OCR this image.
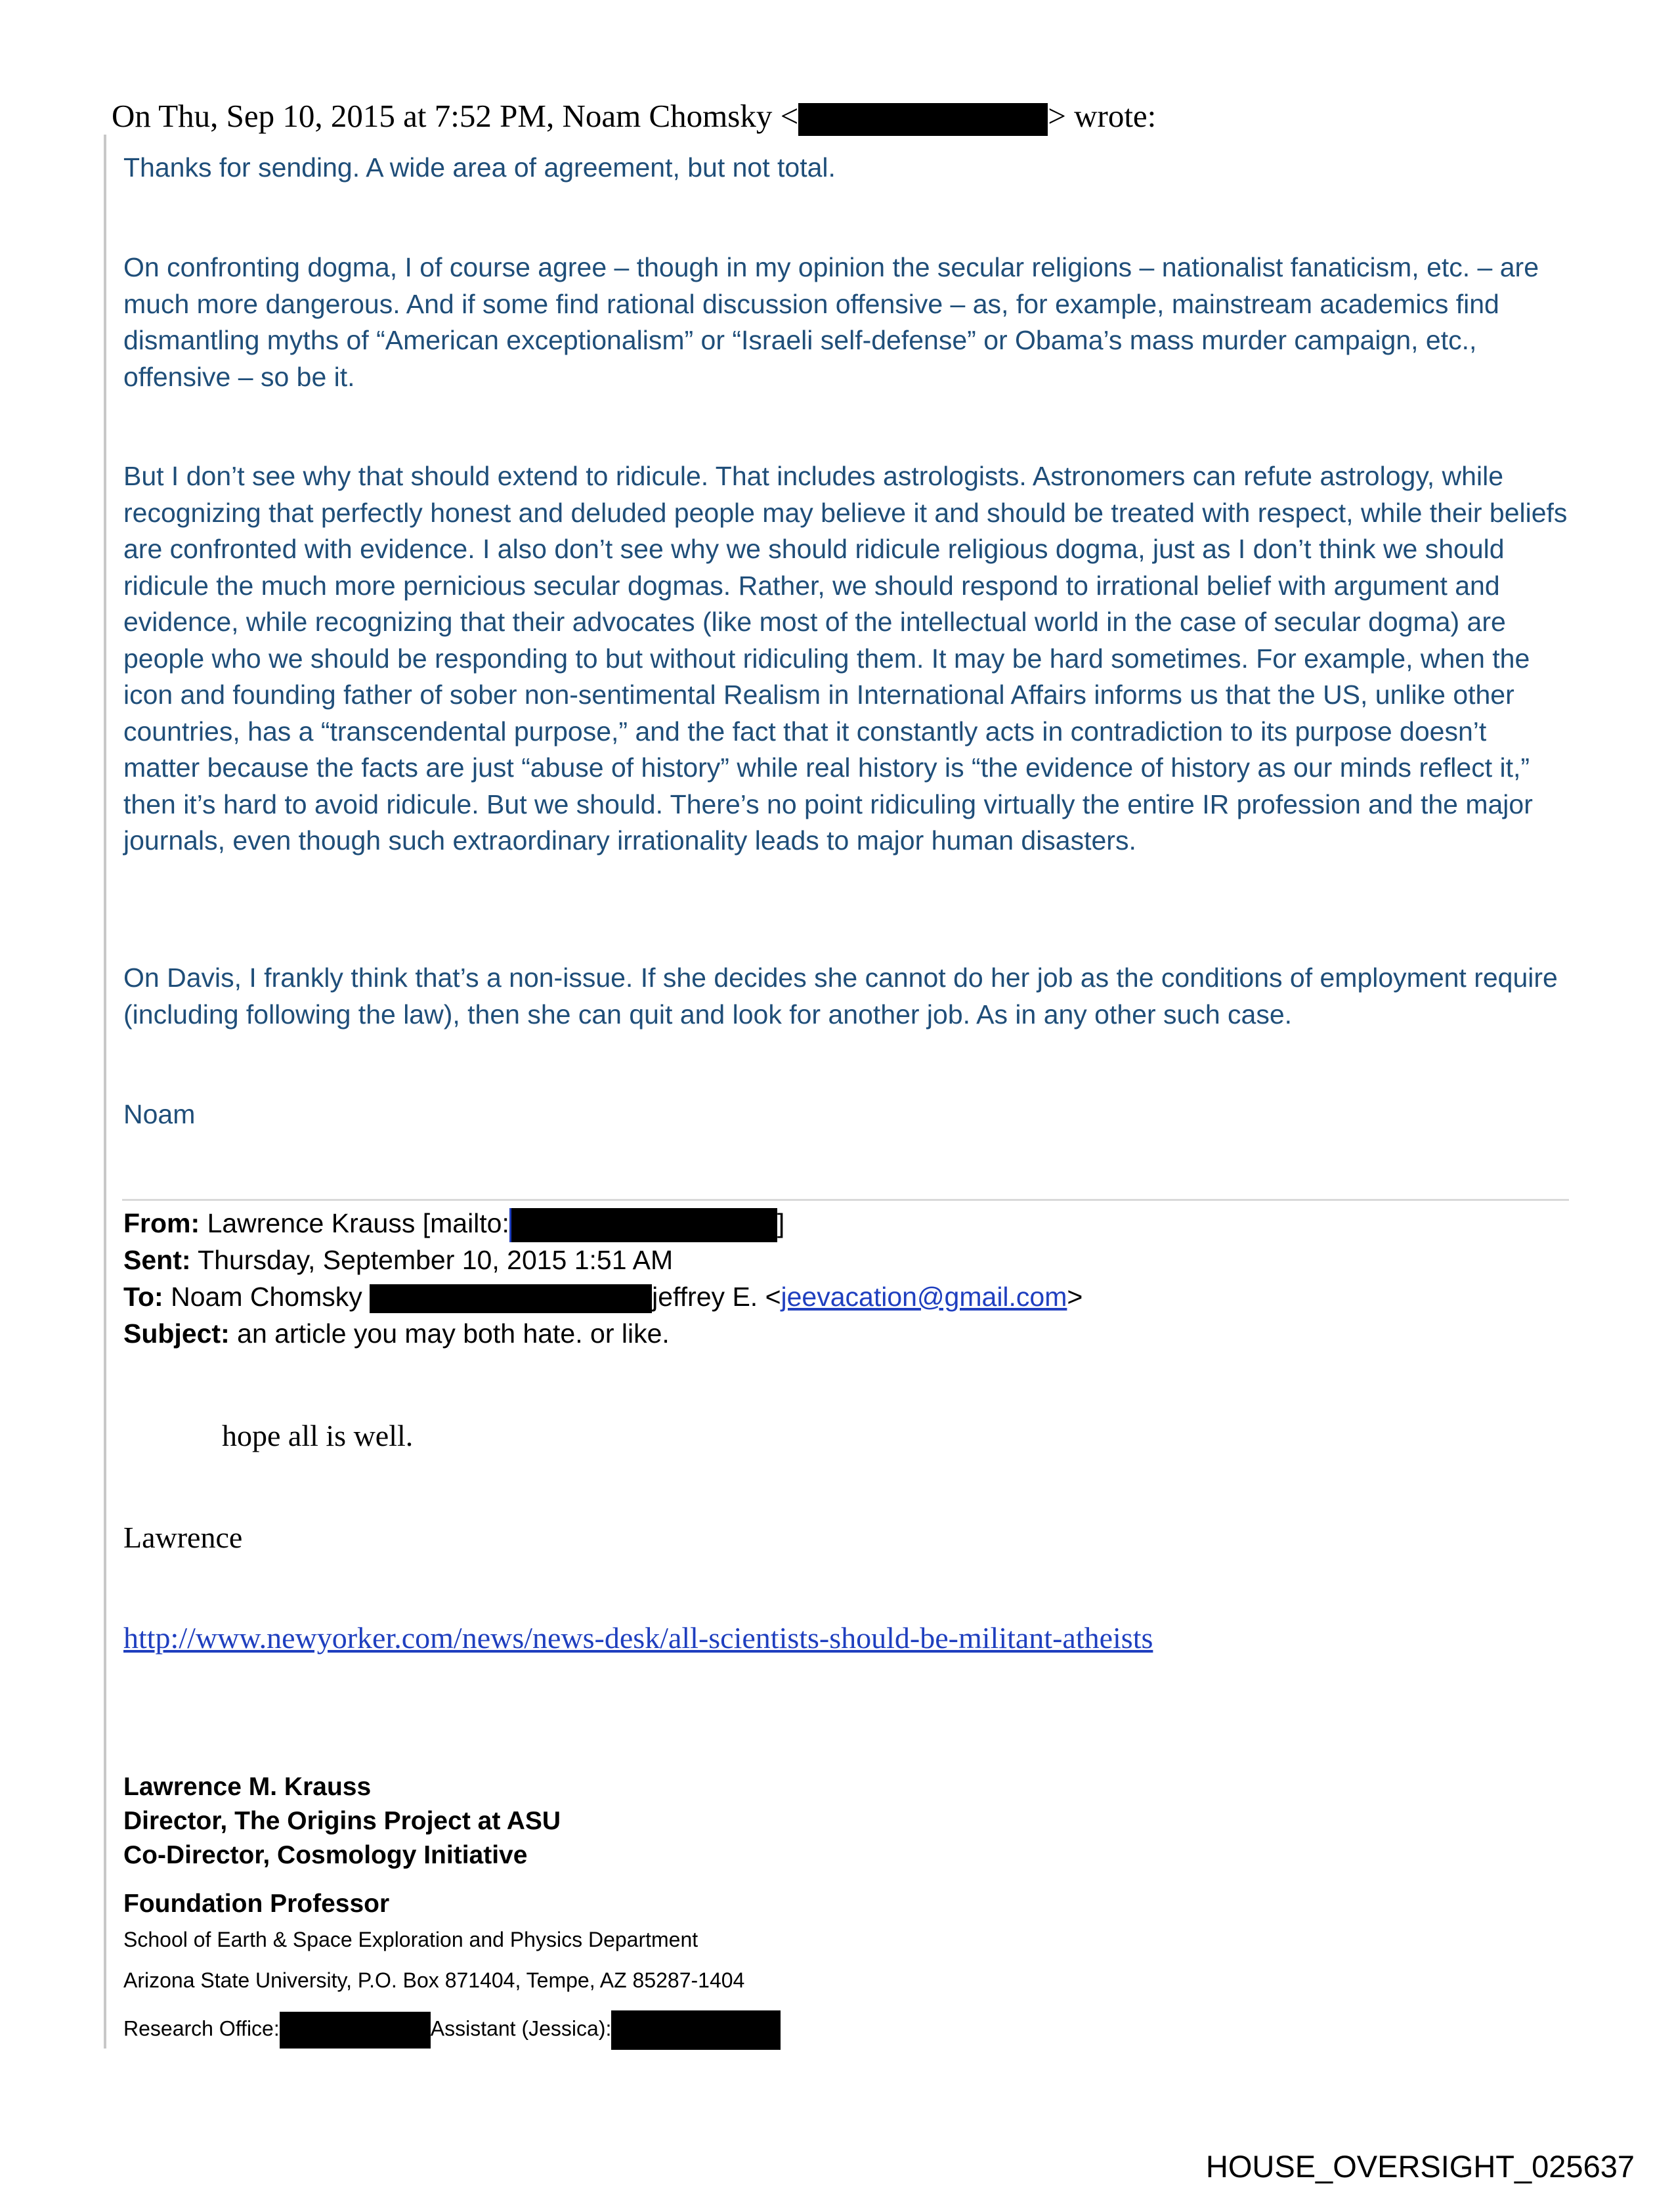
On Thu, Sep 10, 2015 at 7:52 PM, Noam Chomsky <	> wrote:

Thanks for sending. A wide area of agreement, but not total.

On confronting dogma, I of course agree – though in my opinion the secular religions – nationalist fanaticism, etc. – are much more dangerous. And if some find rational discussion offensive – as, for example, mainstream academics find dismantling myths of “American exceptionalism” or “Israeli self-defense” or Obama’s mass murder campaign, etc., offensive – so be it.

But I don’t see why that should extend to ridicule. That includes astrologists. Astronomers can refute astrology, while recognizing that perfectly honest and deluded people may believe it and should be treated with respect, while their beliefs are confronted with evidence. I also don’t see why we should ridicule religious dogma, just as I don’t think we should ridicule the much more pernicious secular dogmas. Rather, we should respond to irrational belief with argument and evidence, while recognizing that their advocates (like most of the intellectual world in the case of secular dogma) are people who we should be responding to but without ridiculing them. It may be hard sometimes. For example, when the icon and founding father of sober non-sentimental Realism in International Affairs informs us that the US, unlike other countries, has a “transcendental purpose,” and the fact that it constantly acts in contradiction to its purpose doesn’t matter because the facts are just “abuse of history” while real history is “the evidence of history as our minds reflect it,” then it’s hard to avoid ridicule. But we should. There’s no point ridiculing virtually the entire IR profession and the major journals, even though such extraordinary irrationality leads to major human disasters.

On Davis, I frankly think that’s a non-issue. If she decides she cannot do her job as the conditions of employment require (including following the law), then she can quit and look for another job. As in any other such case.

Noam

From: Lawrence Krauss [mailto:	]
Sent: Thursday, September 10, 2015 1:51 AM
To: Noam Chomsky	jeffrey E. <jeevacation@gmail.com>
Subject: an article you may both hate. or like.
hope all is well.
Lawrence
http://www.newyorker.com/news/news-desk/all-scientists-should-be-militant-atheists
Lawrence M. Krauss
Director, The Origins Project at ASU
Co-Director, Cosmology Initiative
Foundation Professor
School of Earth & Space Exploration and Physics Department
Arizona State University, P.O. Box 871404, Tempe, AZ 85287-1404
Research Office:	Assistant (Jessica):
HOUSE_OVERSIGHT_025637
